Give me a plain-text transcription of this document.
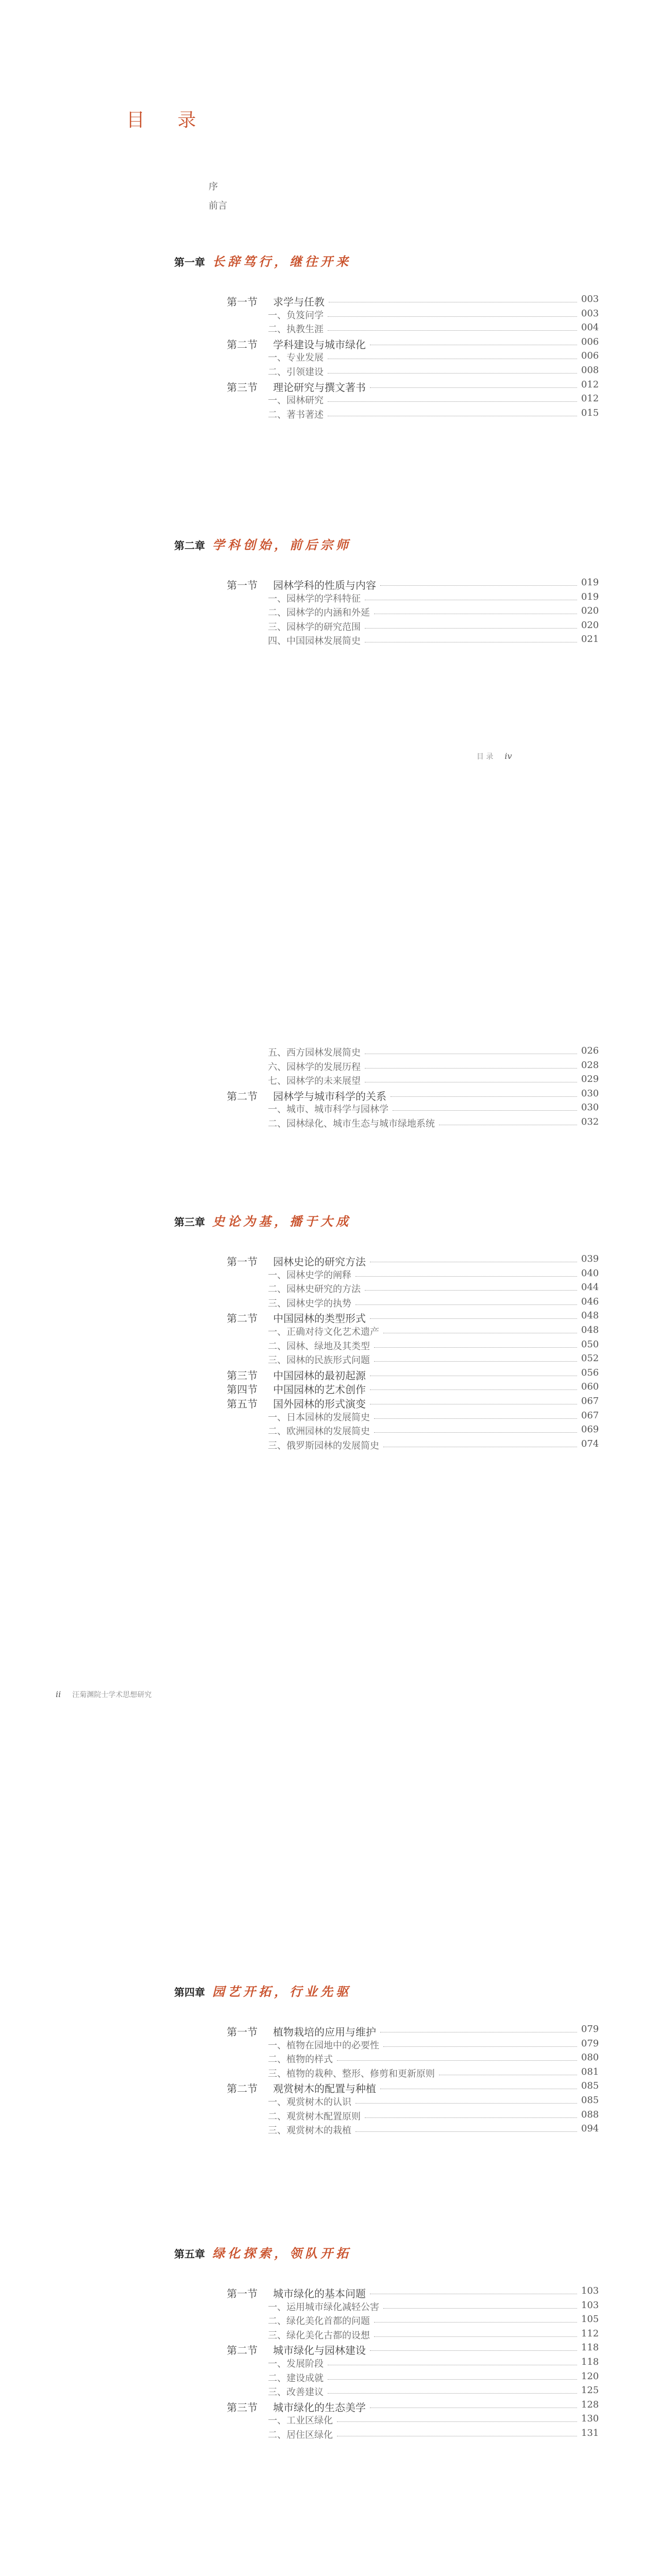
目 录
序
前言
第一章 长辞笃行，继往开来
第二章 学科创始，前后宗师
目 录 iv
第一节 求学与任教	003
一、负笈问学	003
二、执教生涯	004
第二节 学科建设与城市绿化	006
一、专业发展	006
二、引领建设	008
第三节 理论研究与撰文著书	012
一、园林研究	012
二、著书著述	015
第一节 园林学科的性质与内容	019
一、园林学的学科特征	019
二、园林学的内涵和外延	020
三、园林学的研究范围	020
四、中国园林发展简史	021
第三章 史论为基，播于大成
ii 汪菊渊院士学术思想研究
五、西方园林发展简史	026
六、园林学的发展历程	028
七、园林学的未来展望	029
第二节 园林学与城市科学的关系	030
一、城市、城市科学与园林学	030
二、园林绿化、城市生态与城市绿地系统	032
第一节 园林史论的研究方法	039
一、园林史学的阐释	040
二、园林史研究的方法	044
三、园林史学的执势	046
第二节 中国园林的类型形式	048
一、正确对待文化艺术遗产	048
二、园林、绿地及其类型	050
三、园林的民族形式问题	052
第三节 中国园林的最初起源	056
第四节 中国园林的艺术创作	060
第五节 国外园林的形式演变	067
一、日本园林的发展简史	067
二、欧洲园林的发展简史	069
三、俄罗斯园林的发展简史	074
第四章 园艺开拓，行业先驱
第五章 绿化探索，领队开拓
第一节 植物栽培的应用与维护	079
一、植物在园地中的必要性	079
二、植物的样式	080
三、植物的栽种、整形、修剪和更新原则	081
第二节 观赏树木的配置与种植	085
一、观赏树木的认识	085
二、观赏树木配置原则	088
三、观赏树木的栽植	094
第一节 城市绿化的基本问题	103
一、运用城市绿化减轻公害	103
二、绿化美化首都的问题	105
三、绿化美化古都的设想	112
第二节 城市绿化与园林建设	118
一、发展阶段	118
二、建设成就	120
三、改善建议	125
第三节 城市绿化的生态美学	128
一、工业区绿化	130
二、居住区绿化	131
